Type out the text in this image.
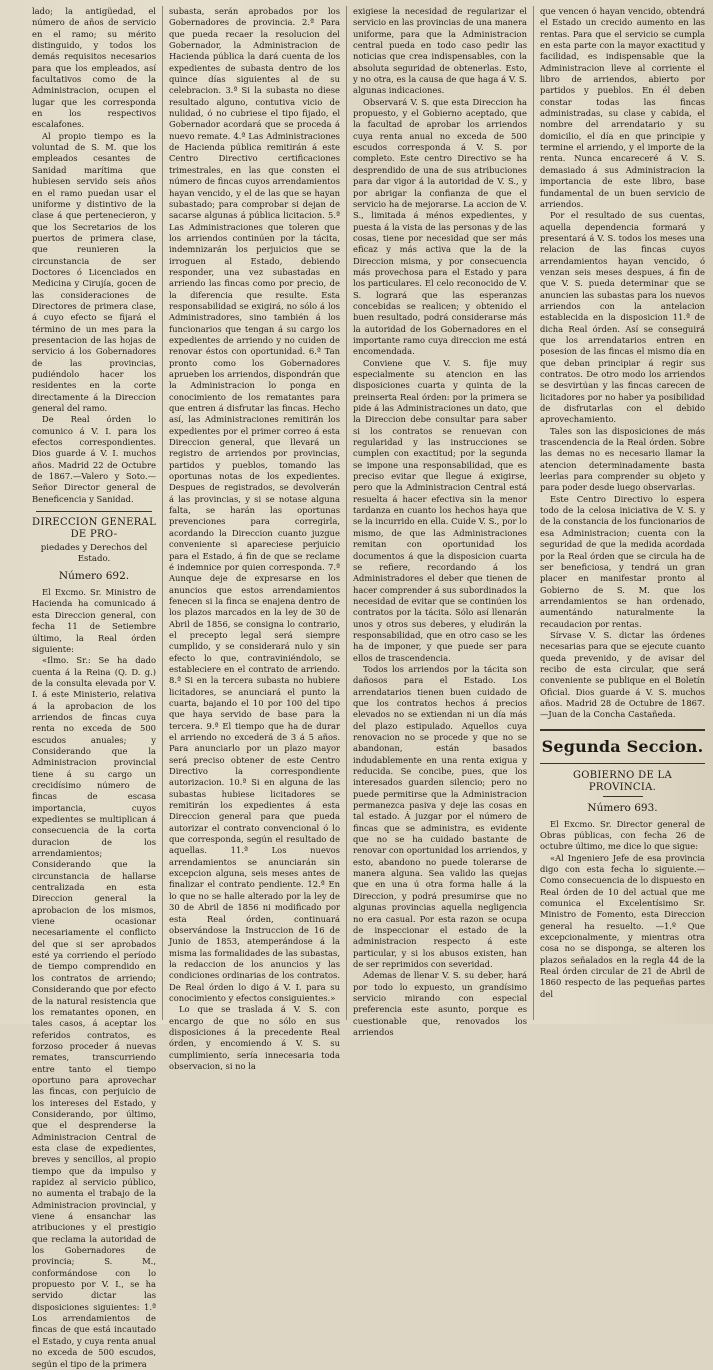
lado; la antigüedad, el número de años de servicio en el ramo; su mérito distinguido, y todos los demás requisitos necesarios para que los empleados, así facultativos como de la Administracion, ocupen el lugar que les corresponda en los respectivos escalafones.

Al propio tiempo es la voluntad de S. M. que los empleados cesantes de Sanidad marítima que hubiesen servido seis años en el ramo puedan usar el uniforme y distintivo de la clase á que pertenecieron, y que los Secretarios de los puertos de primera clase, que reunieren la circunstancia de ser Doctores ó Licenciados en Medicina y Cirujía, gocen de las consideraciones de Directores de primera clase, á cuyo efecto se fijará el término de un mes para la presentacion de las hojas de servicio á los Gobernadores de las provincias, pudiéndolo hacer los residentes en la corte directamente á la Direccion general del ramo.

De Real órden lo comunico á V. I. para los efectos correspondientes. Dios guarde á V. I. muchos años. Madrid 22 de Octubre de 1867.—Valero y Soto.—Señor Director general de Beneficencia y Sanidad.

DIRECCION GENERAL DE PRO-
piedades y Derechos del Estado.
Número 692.

El Excmo. Sr. Ministro de Hacienda ha comunicado á esta Direccion general, con fecha 11 de Setiembre último, la Real órden siguiente:

«Ilmo. Sr.: Se ha dado cuenta á la Reina (Q. D. g.) de la consulta elevada por V. I. á este Ministerio, relativa á la aprobacion de los arriendos de fincas cuya renta no exceda de 500 escudos anuales; y Considerando que la Administracion provincial tiene á su cargo un crecidísimo número de fincas de escasa importancia, cuyos expedientes se multiplican á consecuencia de la corta duracion de los arrendamientos; Considerando que la circunstancia de hallarse centralizada en esta Direccion general la aprobacion de los mismos, viene ocasionar necesariamente el conflicto del que si ser aprobados esté ya corriendo el período de tiempo comprendido en los contratos de arriendo; Considerando que por efecto de la natural resistencia que los rematantes oponen, en tales casos, á aceptar los referidos contratos, es forzoso proceder á nuevas remates, transcurriendo entre tanto el tiempo oportuno para aprovechar las fincas, con perjuicio de los intereses del Estado, y Considerando, por último, que el desprenderse la Administracion Central de esta clase de expedientes, breves y sencillos, al propio tiempo que da impulso y rapidez al servicio público, no aumenta el trabajo de la Administracion provincial, y viene á ensanchar las atribuciones y el prestigio que reclama la autoridad de los Gobernadores de provincia; S. M., conformándose con lo propuesto por V. I., se ha servido dictar las disposiciones siguientes: 1.ª Los arrendamientos de fincas de que está incautado el Estado, y cuya renta anual no exceda de 500 escudos, según el tipo de la primera

subasta, serán aprobados por los Gobernadores de provincia. 2.ª Para que pueda recaer la resolucion del Gobernador, la Administracion de Hacienda pública la dará cuenta de los expedientes de subasta dentro de los quince días siguientes al de su celebracion. 3.ª Si la subasta no diese resultado alguno, contutiva vicio de nulidad, ó no cubriese el tipo fijado, el Gobernador acordará que se proceda á nuevo remate. 4.ª Las Administraciones de Hacienda pública remitirán á este Centro Directivo certificaciones trimestrales, en las que consten el número de fincas cuyos arrendamientos hayan vencido, y el de las que se hayan subastado; para comprobar si dejan de sacarse algunas á pública licitacion. 5.ª Las Administraciones que toleren que los arriendos continúen por la tácita, indemnizarán los perjuicios que se irroguen al Estado, debiendo responder, una vez subastadas en arriendo las fincas como por precio, de la diferencia que resulte. Esta responsabilidad se exigirá, no sólo á los Administradores, sino también á los funcionarios que tengan á su cargo los expedientes de arriendo y no cuiden de renovar éstos con oportunidad. 6.ª Tan pronto como los Gobernadores aprueben los arriendos, dispondrán que la Administracion lo ponga en conocimiento de los rematantes para que entren á disfrutar las fincas. Hecho así, las Administraciones remitirán los expedientes por el primer correo á esta Direccion general, que llevará un registro de arriendos por provincias, partidos y pueblos, tomando las oportunas notas de los expedientes. Despues de registrados, se devolverán á las provincias, y si se notase alguna falta, se harán las oportunas prevenciones para corregirla, acordando la Direccion cuanto juzgue conveniente si apareciese perjuicio para el Estado, á fin de que se reclame é indemnice por quien corresponda. 7.ª Aunque deje de expresarse en los anuncios que estos arrendamientos fenecen si la finca se enajena dentro de los plazos marcados en la ley de 30 de Abril de 1856, se consigna lo contrario, el precepto legal será siempre cumplido, y se considerará nulo y sin efecto lo que, contraviniéndolo, se estableciere en el contrato de arriendo. 8.ª Si en la tercera subasta no hubiere licitadores, se anunciará el punto la cuarta, bajando el 10 por 100 del tipo que haya servido de base para la tercera. 9.ª El tiempo que ha de durar el arriendo no excederá de 3 á 5 años. Para anunciarlo por un plazo mayor será preciso obtener de este Centro Directivo la correspondiente autorizacion. 10.ª Si en alguna de las subastas hubiese licitadores se remitirán los expedientes á esta Direccion general para que pueda autorizar el contrato convencional ó lo que corresponda, según el resultado de aquellas. 11.ª Los nuevos arrendamientos se anunciarán sin excepcion alguna, seis meses antes de finalizar el contrato pendiente. 12.ª En lo que no se halle alterado por la ley de 30 de Abril de 1856 ni modificado por esta Real órden, continuará observándose la Instruccion de 16 de Junio de 1853, atemperándose á la misma las formalidades de las subastas, la redaccion de los anuncios y las condiciones ordinarias de los contratos. De Real órden lo digo á V. I. para su conocimiento y efectos consiguientes.»

Lo que se traslada á V. S. con encargo de que no sólo en sus disposiciones á la precedente Real órden, y encomiendo á V. S. su cumplimiento, sería innecesaria toda observacion, si no la

exigiese la necesidad de regularizar el servicio en las provincias de una manera uniforme, para que la Administracion central pueda en todo caso pedir las noticias que crea indispensables, con la absoluta seguridad de obtenerlas. Esto, y no otra, es la causa de que haga á V. S. algunas indicaciones.

Observará V. S. que esta Direccion ha propuesto, y el Gobierno aceptado, que la facultad de aprobar los arriendos cuya renta anual no exceda de 500 escudos corresponda á V. S. por completo. Este centro Directivo se ha desprendido de una de sus atribuciones para dar vigor á la autoridad de V. S., y por abrigar la confianza de que el servicio ha de mejorarse. La accion de V. S., limitada á ménos expedientes, y puesta á la vista de las personas y de las cosas, tiene por necesidad que ser más eficaz y más activa que la de la Direccion misma, y por consecuencia más provechosa para el Estado y para los particulares. El celo reconocido de V. S. logrará que las esperanzas concebidas se realicen; y obtenido el buen resultado, podrá considerarse más la autoridad de los Gobernadores en el importante ramo cuya direccion me está encomendada.

Conviene que V. S. fije muy especialmente su atencion en las disposiciones cuarta y quinta de la preinserta Real órden: por la primera se pide á las Administraciones un dato, que la Direccion debe consultar para saber si los contratos se renuevan con regularidad y las instrucciones se cumplen con exactitud; por la segunda se impone una responsabilidad, que es preciso evitar que llegue á exigirse, pero que la Administracion Central está resuelta á hacer efectiva sin la menor tardanza en cuanto los hechos haya que se la incurrido en ella. Cuide V. S., por lo mismo, de que las Administraciones remitan con oportunidad los documentos á que la disposicion cuarta se refiere, recordando á los Administradores el deber que tienen de hacer comprender á sus subordinados la necesidad de evitar que se continúen los contratos por la tácita. Sólo así llenarán unos y otros sus deberes, y eludirán la responsabilidad, que en otro caso se les ha de imponer, y que puede ser para ellos de trascendencia.

Todos los arriendos por la tácita son dañosos para el Estado. Los arrendatarios tienen buen cuidado de que los contratos hechos á precios elevados no se extiendan ni un día más del plazo estipulado. Aquellos cuya renovacion no se procede y que no se abandonan, están basados indudablemente en una renta exigua y reducida. Se concibe, pues, que los interesados guarden silencio; pero no puede permitirse que la Administracion permanezca pasiva y deje las cosas en tal estado. Á juzgar por el número de fincas que se administra, es evidente que no se ha cuidado bastante de renovar con oportunidad los arriendos, y esto, abandono no puede tolerarse de manera alguna. Sea valido las quejas que en una ú otra forma halle á la Direccion, y podrá presumirse que no algunas provincias aquella negligencia no era casual. Por esta razon se ocupa de inspeccionar el estado de la administracion respecto á este particular, y si los abusos existen, han de ser reprimidos con severidad.

Ademas de llenar V. S. su deber, hará por todo lo expuesto, un grandísimo servicio mirando con especial preferencia este asunto, porque es cuestionable que, renovados los arriendos

que vencen ó hayan vencido, obtendrá el Estado un crecido aumento en las rentas. Para que el servicio se cumpla en esta parte con la mayor exactitud y facilidad, es indispensable que la Administracion lleve al corriente el libro de arriendos, abierto por partidos y pueblos. En él deben constar todas las fincas administradas, su clase y cabida, el nombre del arrendatario y su domicilio, el día en que principie y termine el arriendo, y el importe de la renta. Nunca encareceré á V. S. demasiado á sus Administracion la importancia de este libro, base fundamental de un buen servicio de arriendos.

Por el resultado de sus cuentas, aquella dependencia formará y presentará á V. S. todos los meses una relacion de las fincas cuyos arrendamientos hayan vencido, ó venzan seis meses despues, á fin de que V. S. pueda determinar que se anuncien las subastas para los nuevos arriendos con la antelacion establecida en la disposicion 11.ª de dicha Real órden. Así se conseguirá que los arrendatarios entren en posesion de las fincas el mismo día en que deban principiar á regir sus contratos. De otro modo los arriendos se desvirtúan y las fincas carecen de licitadores por no haber ya posibilidad de disfrutarlas con el debido aprovechamiento.

Tales son las disposiciones de más trascendencia de la Real órden. Sobre las demas no es necesario llamar la atencion determinadamente basta leerlas para comprender su objeto y para poder desde luego observarlas.

Este Centro Directivo lo espera todo de la celosa iniciativa de V. S. y de la constancia de los funcionarios de esa Administracion; cuenta con la seguridad de que la medida acordada por la Real órden que se circula ha de ser beneficiosa, y tendrá un gran placer en manifestar pronto al Gobierno de S. M. que los arrendamientos se han ordenado, aumentándo naturalmente la recaudacion por rentas.

Sírvase V. S. dictar las órdenes necesarias para que se ejecute cuanto queda prevenido, y de avisar del recibo de esta circular, que será conveniente se publique en el Boletín Oficial. Dios guarde á V. S. muchos años. Madrid 28 de Octubre de 1867.—Juan de la Concha Castañeda.

Segunda Seccion.
GOBIERNO DE LA PROVINCIA.
Número 693.

El Excmo. Sr. Director general de Obras públicas, con fecha 26 de octubre último, me dice lo que sigue:

«Al Ingeniero Jefe de esa provincia digo con esta fecha lo siguiente.—Como consecuencia de lo dispuesto en Real órden de 10 del actual que me comunica el Excelentísimo Sr. Ministro de Fomento, esta Direccion general ha resuelto. —1.º Que excepcionalmente, y mientras otra cosa no se disponga, se alteren los plazos señalados en la regla 44 de la Real órden circular de 21 de Abril de 1860 respecto de las pequeñas partes del
